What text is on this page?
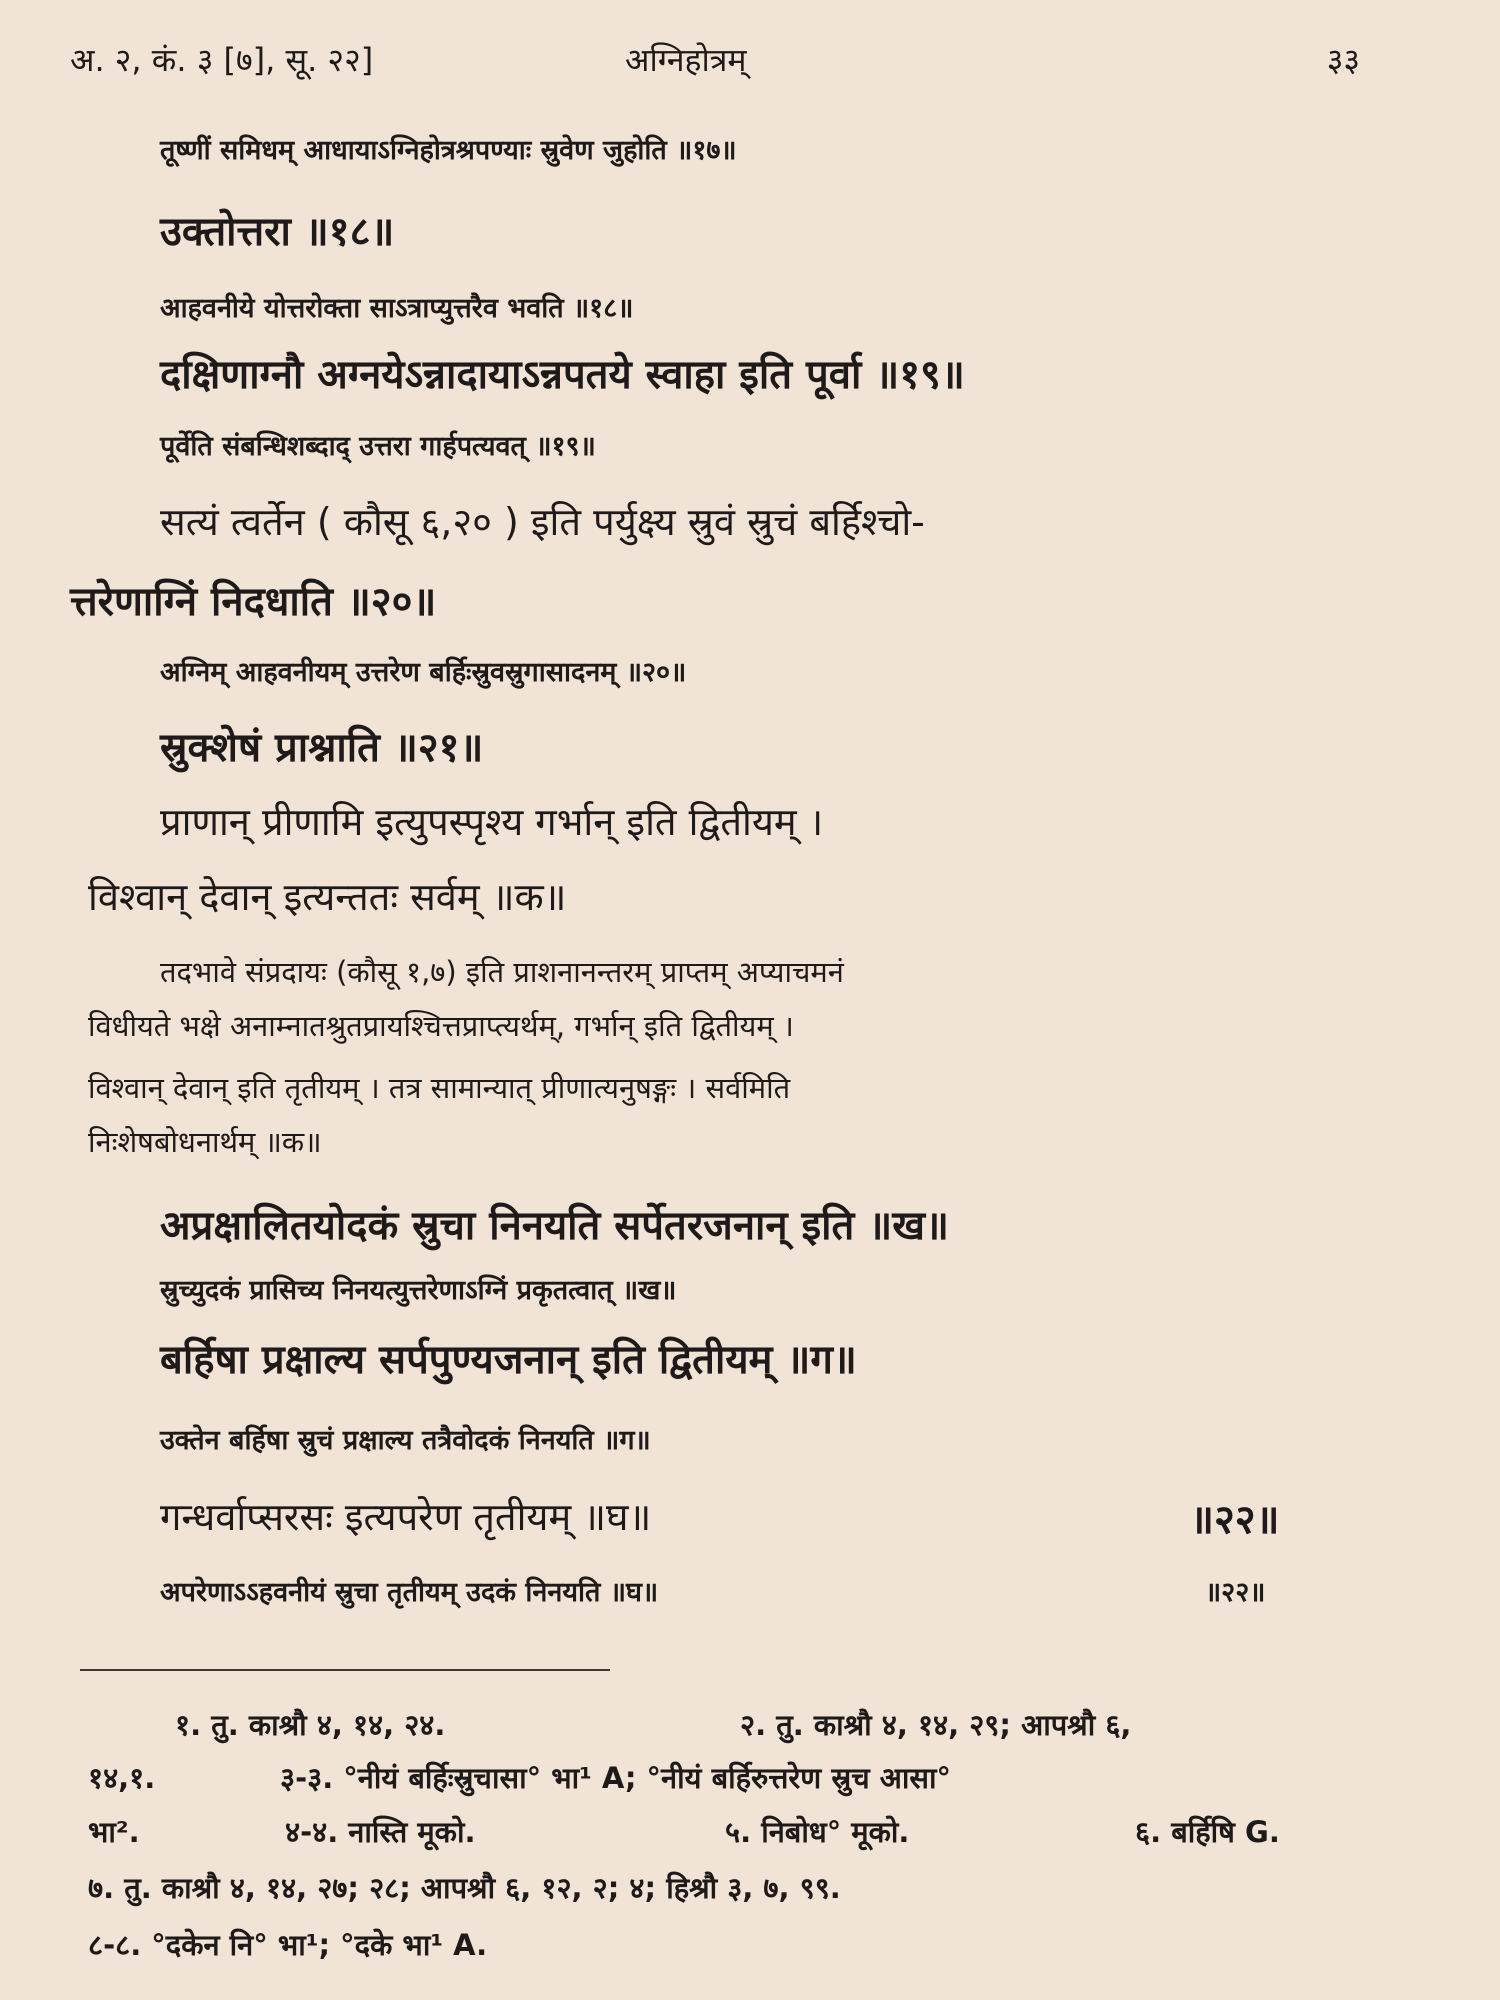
अ. २, कं. ३ [७], सू. २२]	अग्निहोत्रम्	३३
तूष्णीं समिधम् आधायाऽग्निहोत्रश्रपण्याः स्रुवेण जुहोति ॥१७॥
उक्तोत्तरा ॥१८॥
आहवनीये योत्तरोक्ता साऽत्राप्युत्तरैव भवति ॥१८॥
दक्षिणाग्नौ अग्नयेऽन्नादायाऽन्नपतये स्वाहा इति पूर्वा ॥१९॥
पूर्वेति संबन्धिशब्दाद् उत्तरा गार्हपत्यवत् ॥१९॥
सत्यं त्वर्तेन ( कौसू ६,२० ) इति पर्युक्ष्य स्रुवं स्रुचं बर्हिश्चो-
त्तरेणाग्निं निदधाति ॥२०॥
अग्निम् आहवनीयम् उत्तरेण बर्हिःस्रुवस्रुगासादनम् ॥२०॥
स्रुक्शेषं प्राश्नाति ॥२१॥
प्राणान् प्रीणामि इत्युपस्पृश्य गर्भान् इति द्वितीयम् ।
विश्वान् देवान् इत्यन्ततः सर्वम् ॥क॥
तदभावे संप्रदायः (कौसू १,७) इति प्राशनानन्तरम् प्राप्तम् अप्याचमनं
विधीयते भक्षे अनाम्नातश्रुतप्रायश्चित्तप्राप्त्यर्थम्, गर्भान् इति द्वितीयम् ।
विश्वान् देवान् इति तृतीयम् । तत्र सामान्यात् प्रीणात्यनुषङ्गः । सर्वमिति
निःशेषबोधनार्थम् ॥क॥
अप्रक्षालितयोदकं स्रुचा निनयति सर्पेतरजनान् इति ॥ख॥
स्रुच्युदकं प्रासिच्य निनयत्युत्तरेणाऽग्निं प्रकृतत्वात् ॥ख॥
बर्हिषा प्रक्षाल्य सर्पपुण्यजनान् इति द्वितीयम् ॥ग॥
उक्तेन बर्हिषा स्रुचं प्रक्षाल्य तत्रैवोदकं निनयति ॥ग॥
गन्धर्वाप्सरसः इत्यपरेण तृतीयम् ॥घ॥	॥२२॥
अपरेणाऽऽहवनीयं स्रुचा तृतीयम् उदकं निनयति ॥घ॥	॥२२॥
१. तु. काश्रौ ४, १४, २४.	२. तु. काश्रौ ४, १४, २९; आपश्रौ ६,
१४,१.	३-३. °नीयं बर्हिःस्रुचासा° भा¹ A; °नीयं बर्हिरुत्तरेण स्रुच आसा°
भा².	४-४. नास्ति मूको.	५. निबोध° मूको.	६. बर्हिषि G.
७. तु. काश्रौ ४, १४, २७; २८; आपश्रौ ६, १२, २; ४; हिश्रौ ३, ७, ९९.
८-८. °दकेन नि° भा¹; °दके भा¹ A.
